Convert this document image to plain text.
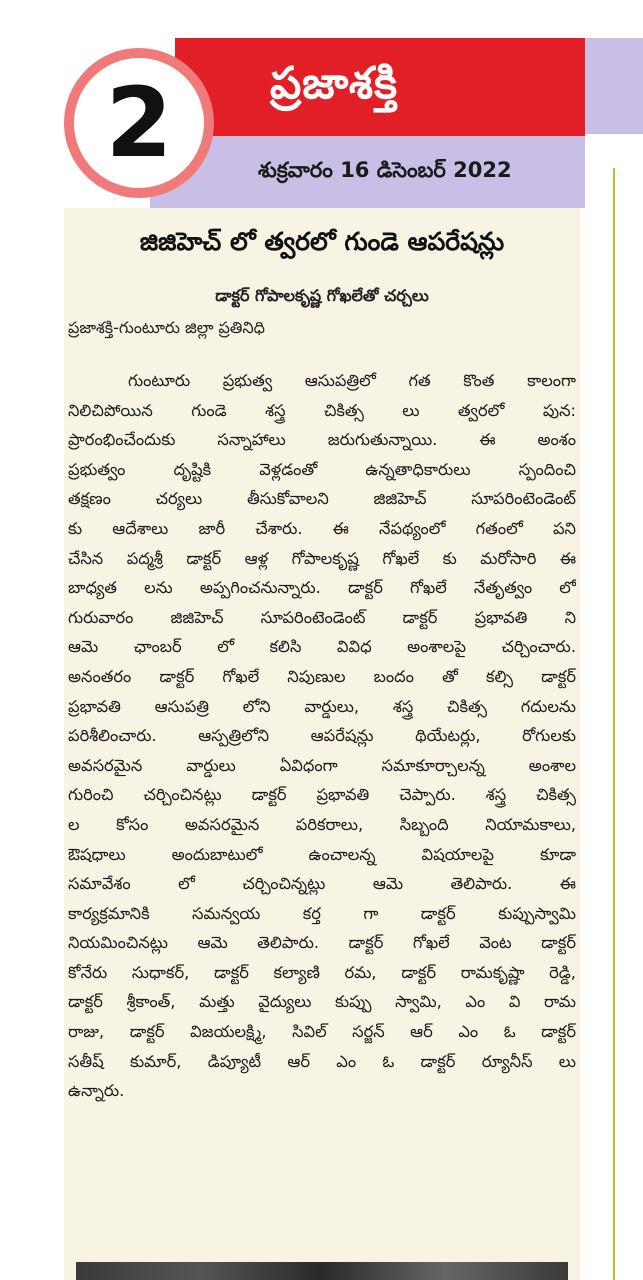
ప్రజాశక్తి
శుక్రవారం 16 డిసెంబర్ 2022
2
జిజిహెచ్ లో త్వరలో గుండె ఆపరేషన్లు
డాక్టర్ గోపాలకృష్ణ గోఖలేతో చర్చలు
ప్రజాశక్తి-గుంటూరు జిల్లా ప్రతినిధి
గుంటూరు ప్రభుత్వ ఆసుపత్రిలో గత కొంత కాలంగా
నిలిచిపోయిన గుండె శస్త్ర చికిత్స లు త్వరలో పున:
ప్రారంభించేందుకు సన్నాహాలు జరుగుతున్నాయి. ఈ అంశం
ప్రభుత్వం దృష్టికి వెళ్లడంతో ఉన్నతాధికారులు స్పందించి
తక్షణం చర్యలు తీసుకోవాలని జిజిహెచ్ సూపరింటెండెంట్
కు ఆదేశాలు జారీ చేశారు. ఈ నేపథ్యంలో గతంలో పని
చేసిన పద్మశ్రీ డాక్టర్ ఆళ్ల గోపాలకృష్ణ గోఖలే కు మరోసారి ఈ
బాధ్యత లను అప్పగించనున్నారు. డాక్టర్ గోఖలే నేతృత్వం లో
గురువారం జిజిహెచ్ సూపరింటెండెంట్ డాక్టర్ ప్రభావతి ని
ఆమె ఛాంబర్ లో కలిసి వివిధ అంశాలపై చర్చించారు.
అనంతరం డాక్టర్ గోఖలే నిపుణుల బందం తో కల్సి డాక్టర్
ప్రభావతి ఆసుపత్రి లోని వార్డులు, శస్త్ర చికిత్స గదులను
పరిశీలించారు. ఆస్పత్రిలోని ఆపరేషన్లు థియేటర్లు, రోగులకు
అవసరమైన వార్డులు ఏవిధంగా సమాకూర్చాలన్న అంశాల
గురించి చర్చించినట్లు డాక్టర్ ప్రభావతి చెప్పారు. శస్త్ర చికిత్స
ల కోసం అవసరమైన పరికరాలు, సిబ్బంది నియామకాలు,
ఔషధాలు అందుబాటులో ఉంచాలన్న విషయాలపై కూడా
సమావేశం లో చర్చించిన్నట్లు ఆమె తెలిపారు. ఈ
కార్యక్రమానికి సమన్వయ కర్త గా డాక్టర్ కుప్పుస్వామి
నియమించినట్లు ఆమె తెలిపారు. డాక్టర్ గోఖలే వెంట డాక్టర్
కోనేరు సుధాకర్, డాక్టర్ కల్యాణి రమ, డాక్టర్ రామకృష్ణా రెడ్డి,
డాక్టర్ శ్రీకాంత్, మత్తు వైద్యులు కుప్పు స్వామి, ఎం వి రామ
రాజు, డాక్టర్ విజయలక్ష్మి, సివిల్ సర్జన్ ఆర్ ఎం ఓ డాక్టర్
సతీష్ కుమార్, డిప్యూటీ ఆర్ ఎం ఓ డాక్టర్ ర్యూనీస్ లు
ఉన్నారు.
